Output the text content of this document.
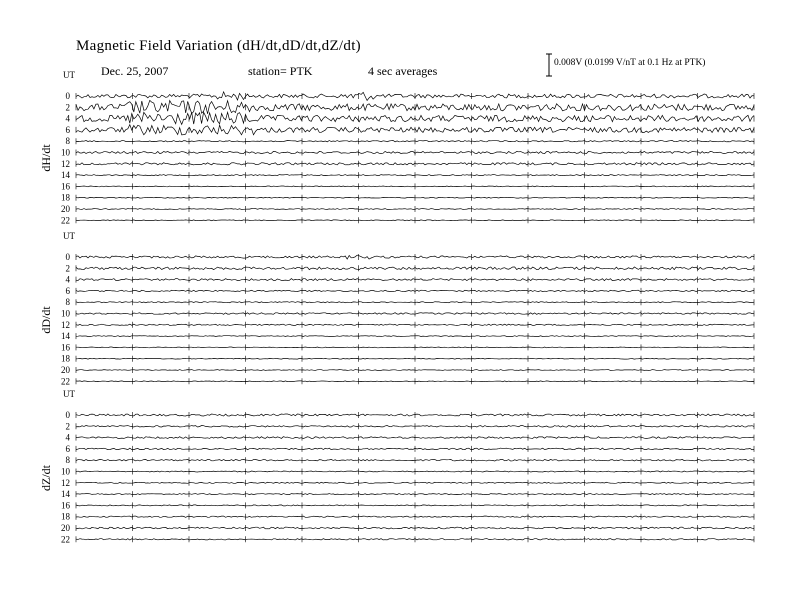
Magnetic Field Variation (dH/dt,dD/dt,dZ/dt)
Dec. 25, 2007	station= PTK	4 sec averages
0.008V (0.0199 V/nT at 0.1 Hz at PTK)
UT
dH/dt
0
2
4
6
8
10
12
14
16
18
20
22
UT
dD/dt
0
2
4
6
8
10
12
14
16
18
20
22
UT
dZ/dt
0
2
4
6
8
10
12
14
16
18
20
22
